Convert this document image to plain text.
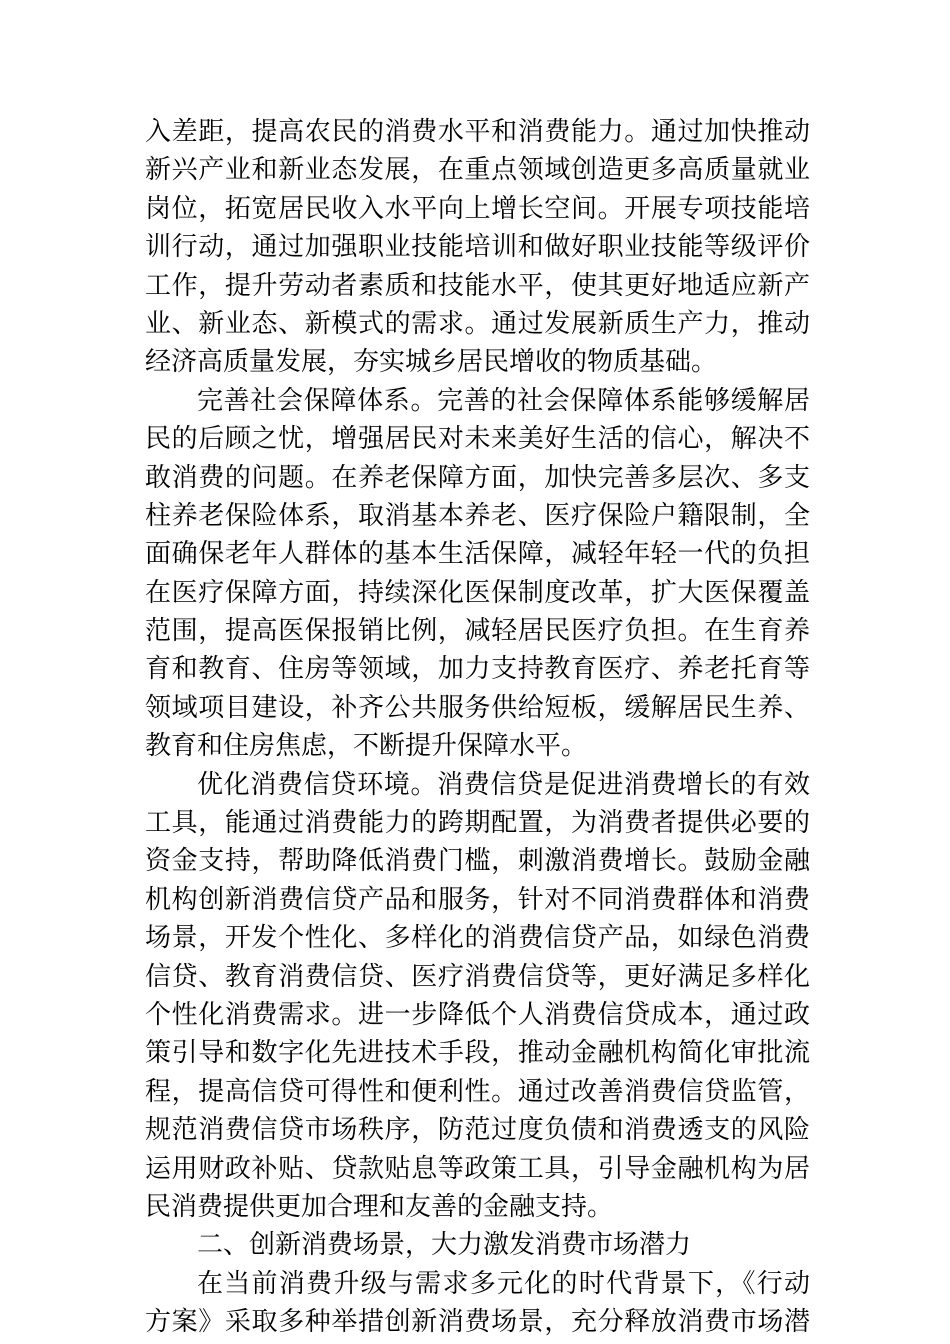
入差距，提高农民的消费水平和消费能力。通过加快推动
新兴产业和新业态发展，在重点领域创造更多高质量就业
岗位，拓宽居民收入水平向上增长空间。开展专项技能培
训行动，通过加强职业技能培训和做好职业技能等级评价
工作，提升劳动者素质和技能水平，使其更好地适应新产
业、新业态、新模式的需求。通过发展新质生产力，推动
经济高质量发展，夯实城乡居民增收的物质基础。
完善社会保障体系。完善的社会保障体系能够缓解居
民的后顾之忧，增强居民对未来美好生活的信心，解决不
敢消费的问题。在养老保障方面，加快完善多层次、多支
柱养老保险体系，取消基本养老、医疗保险户籍限制，全
面确保老年人群体的基本生活保障，减轻年轻一代的负担
在医疗保障方面，持续深化医保制度改革，扩大医保覆盖
范围，提高医保报销比例，减轻居民医疗负担。在生育养
育和教育、住房等领域，加力支持教育医疗、养老托育等
领域项目建设，补齐公共服务供给短板，缓解居民生养、
教育和住房焦虑，不断提升保障水平。
优化消费信贷环境。消费信贷是促进消费增长的有效
工具，能通过消费能力的跨期配置，为消费者提供必要的
资金支持，帮助降低消费门槛，刺激消费增长。鼓励金融
机构创新消费信贷产品和服务，针对不同消费群体和消费
场景，开发个性化、多样化的消费信贷产品，如绿色消费
信贷、教育消费信贷、医疗消费信贷等，更好满足多样化
个性化消费需求。进一步降低个人消费信贷成本，通过政
策引导和数字化先进技术手段，推动金融机构简化审批流
程，提高信贷可得性和便利性。通过改善消费信贷监管，
规范消费信贷市场秩序，防范过度负债和消费透支的风险
运用财政补贴、贷款贴息等政策工具，引导金融机构为居
民消费提供更加合理和友善的金融支持。
二、创新消费场景，大力激发消费市场潜力
在当前消费升级与需求多元化的时代背景下，《行动
方案》采取多种举措创新消费场景，充分释放消费市场潜
